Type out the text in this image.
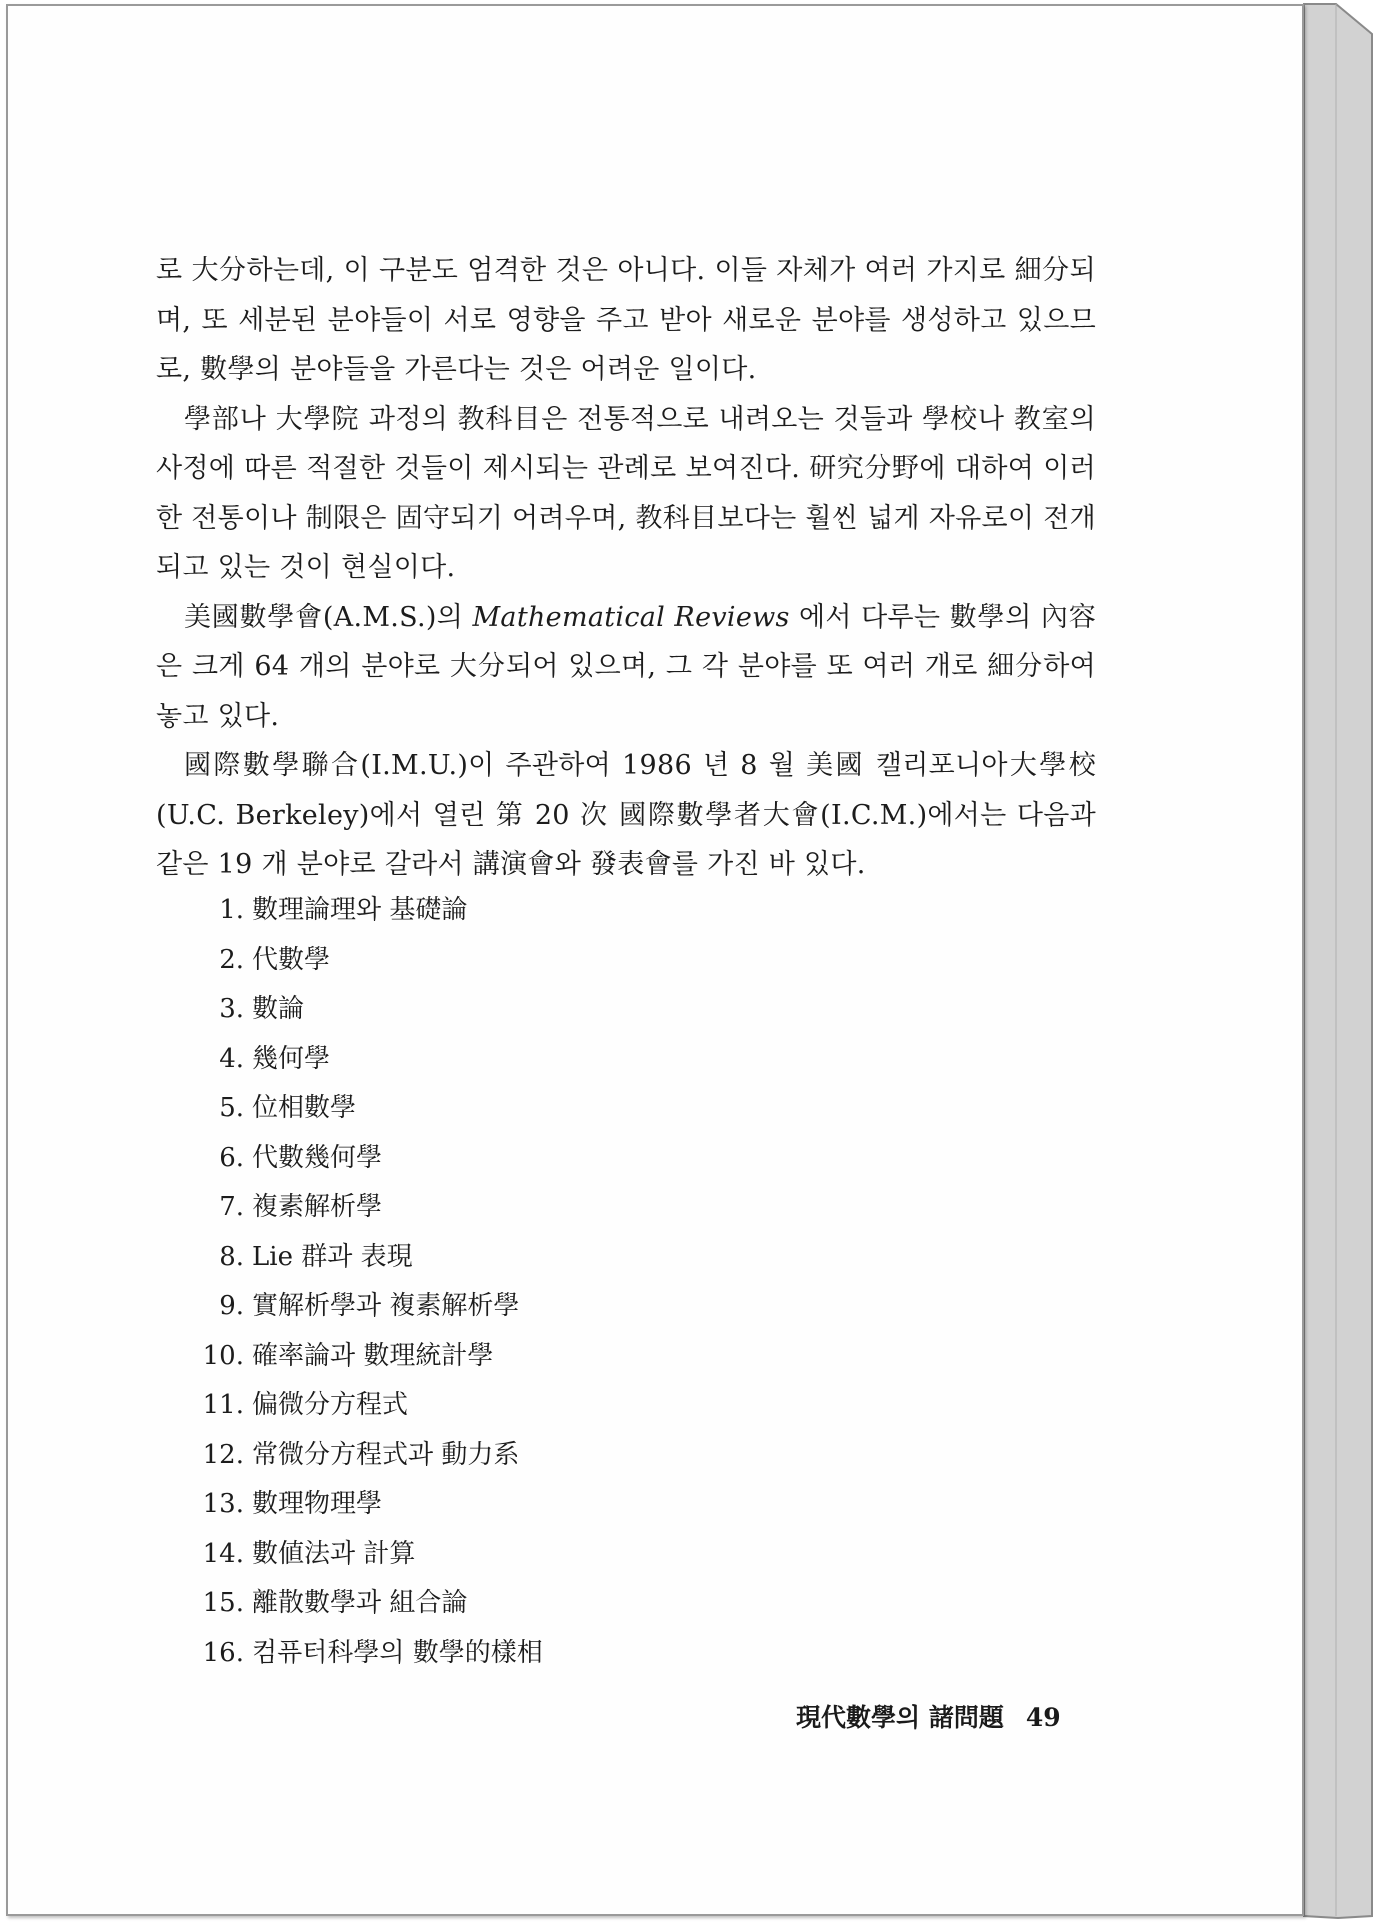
로 大分하는데, 이 구분도 엄격한 것은 아니다. 이들 자체가 여러 가지로 細分되며, 또 세분된 분야들이 서로 영향을 주고 받아 새로운 분야를 생성하고 있으므로, 數學의 분야들을 가른다는 것은 어려운 일이다.

學部나 大學院 과정의 教科目은 전통적으로 내려오는 것들과 學校나 教室의 사정에 따른 적절한 것들이 제시되는 관례로 보여진다. 研究分野에 대하여 이러한 전통이나 制限은 固守되기 어려우며, 教科目보다는 훨씬 넓게 자유로이 전개되고 있는 것이 현실이다.

美國數學會(A.M.S.)의 Mathematical Reviews 에서 다루는 數學의 內容은 크게 64 개의 분야로 大分되어 있으며, 그 각 분야를 또 여러 개로 細分하여 놓고 있다.

國際數學聯合(I.M.U.)이 주관하여 1986 년 8 월 美國 캘리포니아大學校 (U.C. Berkeley)에서 열린 第 20 次 國際數學者大會(I.C.M.)에서는 다음과 같은 19 개 분야로 갈라서 講演會와 發表會를 가진 바 있다.

1. 數理論理와 基礎論
2. 代數學
3. 數論
4. 幾何學
5. 位相數學
6. 代數幾何學
7. 複素解析學
8. Lie 群과 表現
9. 實解析學과 複素解析學
10. 確率論과 數理統計學
11. 偏微分方程式
12. 常微分方程式과 動力系
13. 數理物理學
14. 數値法과 計算
15. 離散數學과 組合論
16. 컴퓨터科學의 數學的樣相
現代數學의 諸問題 49
